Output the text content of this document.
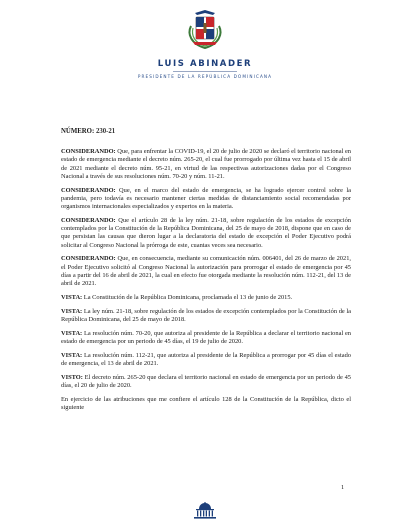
LUIS ABINADER
PRESIDENTE DE LA REPÚBLICA DOMINICANA
NÚMERO: 230-21

CONSIDERANDO: Que, para enfrentar la COVID-19, el 20 de julio de 2020 se declaró el territorio nacional en estado de emergencia mediante el decreto núm. 265-20, el cual fue prorrogado por última vez hasta el 15 de abril de 2021 mediante el decreto núm. 95-21, en virtud de las respectivas autorizaciones dadas por el Congreso Nacional a través de sus resoluciones núm. 70-20 y núm. 11-21.

CONSIDERANDO: Que, en el marco del estado de emergencia, se ha logrado ejercer control sobre la pandemia, pero todavía es necesario mantener ciertas medidas de distanciamiento social recomendadas por organismos internacionales especializados y expertos en la materia.

CONSIDERANDO: Que el artículo 28 de la ley núm. 21-18, sobre regulación de los estados de excepción contemplados por la Constitución de la República Dominicana, del 25 de mayo de 2018, dispone que en caso de que persistan las causas que dieron lugar a la declaratoria del estado de excepción el Poder Ejecutivo podrá solicitar al Congreso Nacional la prórroga de este, cuantas veces sea necesario.

CONSIDERANDO: Que, en consecuencia, mediante su comunicación núm. 006401, del 26 de marzo de 2021, el Poder Ejecutivo solicitó al Congreso Nacional la autorización para prorrogar el estado de emergencia por 45 días a partir del 16 de abril de 2021, la cual en efecto fue otorgada mediante la resolución núm. 112-21, del 13 de abril de 2021.

VISTA: La Constitución de la República Dominicana, proclamada el 13 de junio de 2015.

VISTA: La ley núm. 21-18, sobre regulación de los estados de excepción contemplados por la Constitución de la República Dominicana, del 25 de mayo de 2018.

VISTA: La resolución núm. 70-20, que autoriza al presidente de la República a declarar el territorio nacional en estado de emergencia por un periodo de 45 días, el 19 de julio de 2020.

VISTA: La resolución núm. 112-21, que autoriza al presidente de la República a prorrogar por 45 días el estado de emergencia, el 13 de abril de 2021.

VISTO: El decreto núm. 265-20 que declara el territorio nacional en estado de emergencia por un periodo de 45 días, el 20 de julio de 2020.

En ejercicio de las atribuciones que me confiere el artículo 128 de la Constitución de la República, dicto el siguiente

1
